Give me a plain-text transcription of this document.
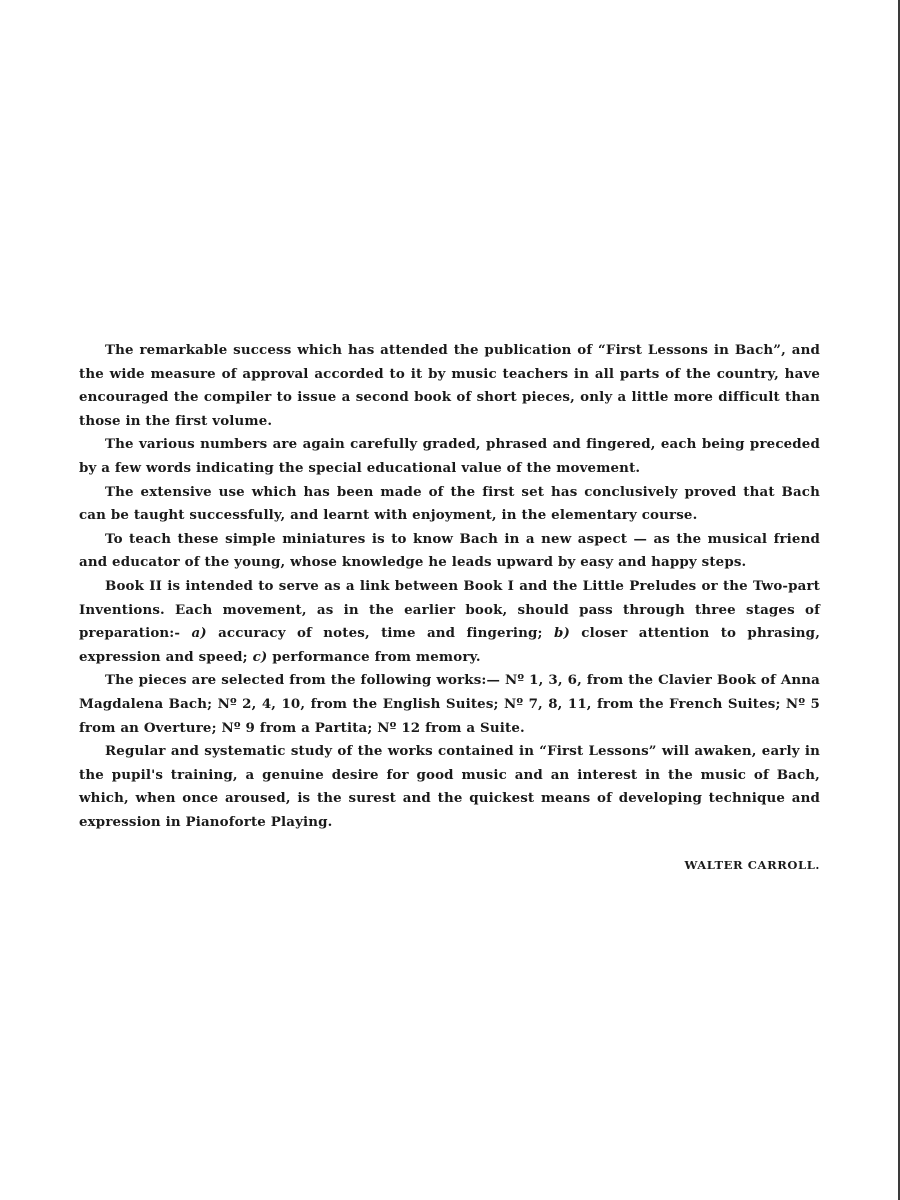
The remarkable success which has attended the publication of “First Lessons in Bach”, and the wide measure of approval accorded to it by music teachers in all parts of the country, have encouraged the compiler to issue a second book of short pieces, only a little more difficult than those in the first volume.

The various numbers are again carefully graded, phrased and fingered, each being preceded by a few words indicating the special educational value of the movement.

The extensive use which has been made of the first set has conclusively proved that Bach can be taught successfully, and learnt with enjoyment, in the elementary course.

To teach these simple miniatures is to know Bach in a new aspect — as the musical friend and educator of the young, whose knowledge he leads upward by easy and happy steps.

Book II is intended to serve as a link between Book I and the Little Preludes or the Two-part Inventions. Each movement, as in the earlier book, should pass through three stages of preparation:- a) accuracy of notes, time and fingering; b) closer attention to phrasing, expression and speed; c) performance from memory.

The pieces are selected from the following works:— Nº 1, 3, 6, from the Clavier Book of Anna Magdalena Bach; Nº 2, 4, 10, from the English Suites; Nº 7, 8, 11, from the French Suites; Nº 5 from an Overture; Nº 9 from a Partita; Nº 12 from a Suite.

Regular and systematic study of the works contained in “First Lessons” will awaken, early in the pupil's training, a genuine desire for good music and an interest in the music of Bach, which, when once aroused, is the surest and the quickest means of developing technique and expression in Pianoforte Playing.

WALTER CARROLL.
